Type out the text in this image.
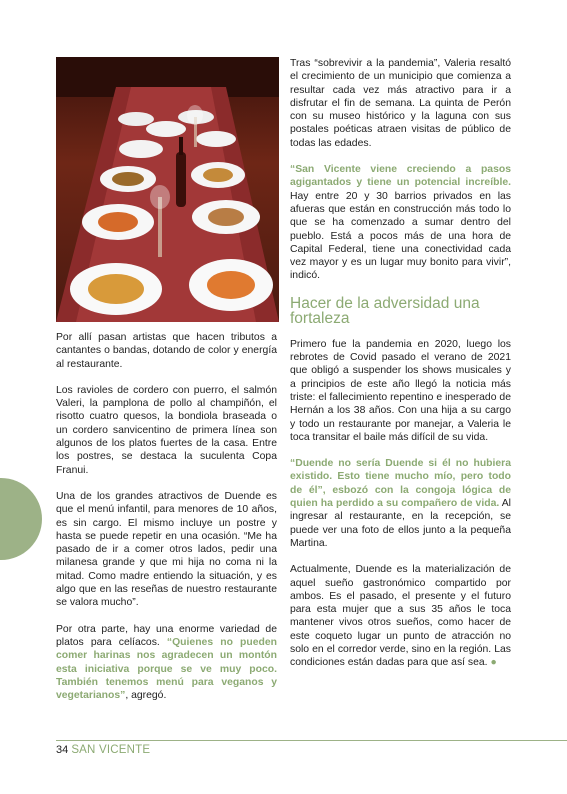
Por allí pasan artistas que hacen tributos a cantantes o bandas, dotando de color y energía al restaurante.

Los ravioles de cordero con puerro, el salmón Valeri, la pamplona de pollo al champiñón, el risotto cuatro quesos, la bondiola braseada o un cordero sanvicentino de primera línea son algunos de los platos fuertes de la casa. Entre los postres, se destaca la suculenta Copa Franui.

Una de los grandes atractivos de Duende es que el menú infantil, para menores de 10 años, es sin cargo. El mismo incluye un postre y hasta se puede repetir en una ocasión. “Me ha pasado de ir a comer otros lados, pedir una milanesa grande y que mi hija no coma ni la mitad. Como madre entiendo la situación, y es algo que en las reseñas de nuestro restaurante se valora mucho”.

Por otra parte, hay una enorme variedad de platos para celíacos. “Quienes no pueden comer harinas nos agradecen un montón esta iniciativa porque se ve muy poco. También tenemos menú para veganos y vegetarianos”, agregó.

Tras “sobrevivir a la pandemia”, Valeria resaltó el crecimiento de un municipio que comienza a resultar cada vez más atractivo para ir a disfrutar el fin de semana. La quinta de Perón con su museo histórico y la laguna con sus postales poéticas atraen visitas de público de todas las edades.

“San Vicente viene creciendo a pasos agigantados y tiene un potencial increíble. Hay entre 20 y 30 barrios privados en las afueras que están en construcción más todo lo que se ha comenzado a sumar dentro del pueblo. Está a pocos más de una hora de Capital Federal, tiene una conectividad cada vez mayor y es un lugar muy bonito para vivir”, indicó.

Hacer de la adversidad una fortaleza

Primero fue la pandemia en 2020, luego los rebrotes de Covid pasado el verano de 2021 que obligó a suspender los shows musicales y a principios de este año llegó la noticia más triste: el fallecimiento repentino e inesperado de Hernán a los 38 años. Con una hija a su cargo y todo un restaurante por manejar, a Valeria le toca transitar el baile más difícil de su vida.

“Duende no sería Duende si él no hubiera existido. Esto tiene mucho mío, pero todo de él”, esbozó con la congoja lógica de quien ha perdido a su compañero de vida. Al ingresar al restaurante, en la recepción, se puede ver una foto de ellos junto a la pequeña Martina.

Actualmente, Duende es la materialización de aquel sueño gastronómico compartido por ambos. Es el pasado, el presente y el futuro para esta mujer que a sus 35 años le toca mantener vivos otros sueños, como hacer de este coqueto lugar un punto de atracción no solo en el corredor verde, sino en la región. Las condiciones están dadas para que así sea. ●

34 SAN VICENTE
